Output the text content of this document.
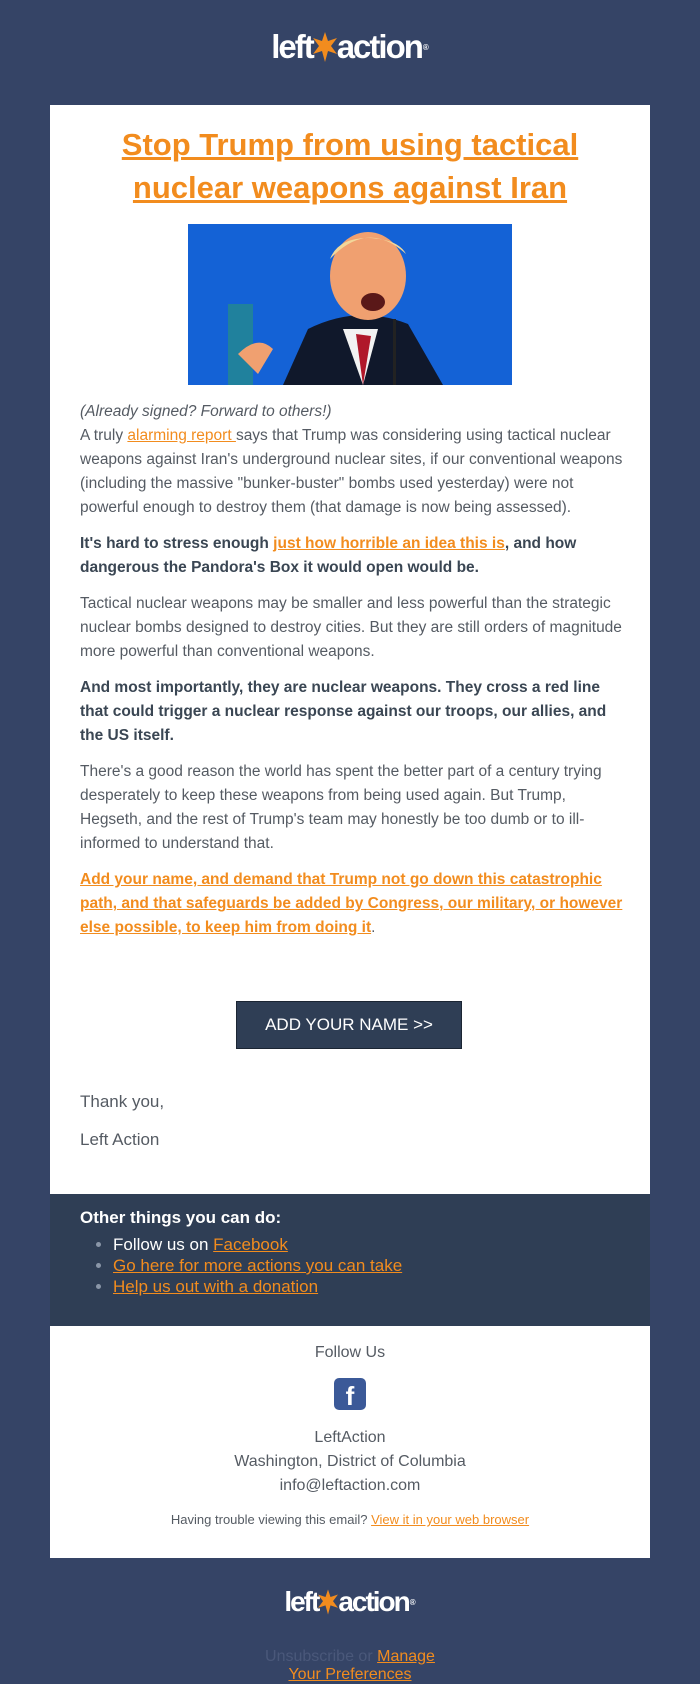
left action ®
Stop Trump from using tactical nuclear weapons against Iran

(Already signed? Forward to others!)

A truly alarming report says that Trump was considering using tactical nuclear weapons against Iran's underground nuclear sites, if our conventional weapons (including the massive "bunker-buster" bombs used yesterday) were not powerful enough to destroy them (that damage is now being assessed).

It's hard to stress enough just how horrible an idea this is, and how dangerous the Pandora's Box it would open would be.

Tactical nuclear weapons may be smaller and less powerful than the strategic nuclear bombs designed to destroy cities. But they are still orders of magnitude more powerful than conventional weapons.

And most importantly, they are nuclear weapons. They cross a red line that could trigger a nuclear response against our troops, our allies, and the US itself.

There's a good reason the world has spent the better part of a century trying desperately to keep these weapons from being used again. But Trump, Hegseth, and the rest of Trump's team may honestly be too dumb or to ill-informed to understand that.

Add your name, and demand that Trump not go down this catastrophic path, and that safeguards be added by Congress, our military, or however else possible, to keep him from doing it.

ADD YOUR NAME >>
Thank you,
Left Action
Other things you can do:
• Follow us on Facebook
• Go here for more actions you can take
• Help us out with a donation
Follow Us
f
LeftAction
Washington, District of Columbia
info@leftaction.com
Having trouble viewing this email? View it in your web browser
left action ®
Unsubscribe or Manage
Your Preferences
